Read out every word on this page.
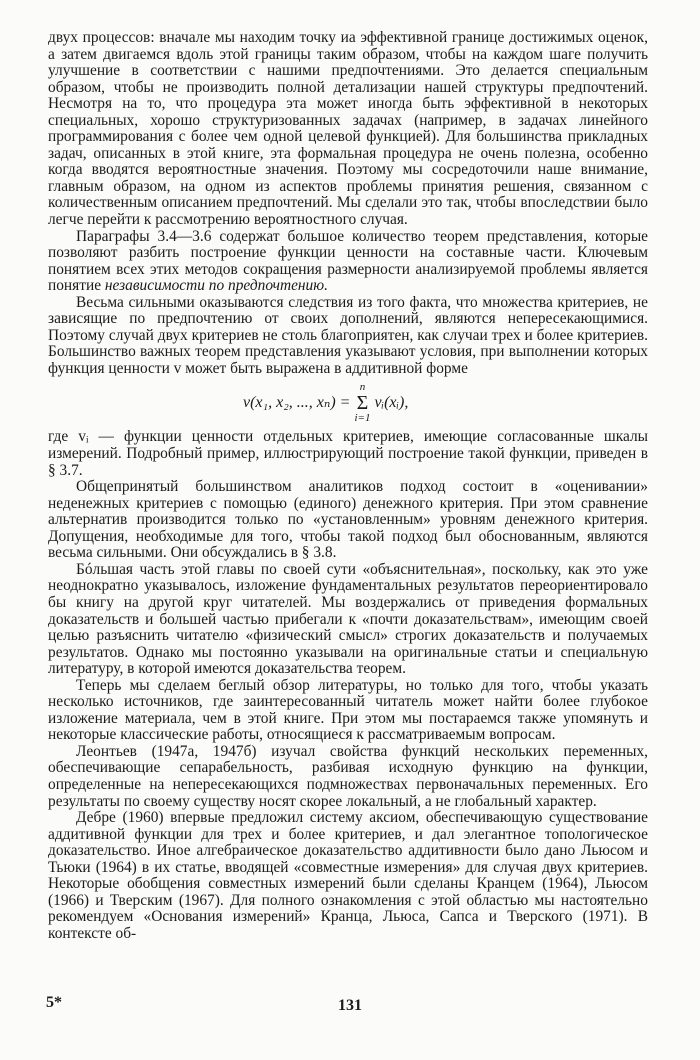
двух процессов: вначале мы находим точку иа эффективной границе достижимых оценок, а затем двигаемся вдоль этой границы таким образом, чтобы на каждом шаге получить улучшение в соответствии с нашими предпочтениями. Это делается специальным образом, чтобы не производить полной детализации нашей структуры предпочтений. Несмотря на то, что процедура эта может иногда быть эффективной в некоторых специальных, хорошо структуризованных задачах (например, в задачах линейного программирования с более чем одной целевой функцией). Для большинства прикладных задач, описанных в этой книге, эта формальная процедура не очень полезна, особенно когда вводятся вероятностные значения. Поэтому мы сосредоточили наше внимание, главным образом, на одном из аспектов проблемы принятия решения, связанном с количественным описанием предпочтений. Мы сделали это так, чтобы впоследствии было легче перейти к рассмотрению вероятностного случая.

Параграфы 3.4—3.6 содержат большое количество теорем представления, которые позволяют разбить построение функции ценности на составные части. Ключевым понятием всех этих методов сокращения размерности анализируемой проблемы является понятие независимости по предпочтению.

Весьма сильными оказываются следствия из того факта, что множества критериев, не зависящие по предпочтению от своих дополнений, являются непересекающимися. Поэтому случай двух критериев не столь благоприятен, как случаи трех и более критериев. Большинство важных теорем представления указывают условия, при выполнении которых функция ценности v может быть выражена в аддитивной форме

v(x₁, x₂, ..., xₙ) =
n
Σ
i=1
vᵢ(xᵢ),

где vᵢ — функции ценности отдельных критериев, имеющие согласованные шкалы измерений. Подробный пример, иллюстрирующий построение такой функции, приведен в § 3.7.

Общепринятый большинством аналитиков подход состоит в «оценивании» неденежных критериев с помощью (единого) денежного критерия. При этом сравнение альтернатив производится только по «установленным» уровням денежного критерия. Допущения, необходимые для того, чтобы такой подход был обоснованным, являются весьма сильными. Они обсуждались в § 3.8.

Бóльшая часть этой главы по своей сути «объяснительная», поскольку, как это уже неоднократно указывалось, изложение фундаментальных результатов переориентировало бы книгу на другой круг читателей. Мы воздержались от приведения формальных доказательств и большей частью прибегали к «почти доказательствам», имеющим своей целью разъяснить читателю «физический смысл» строгих доказательств и получаемых результатов. Однако мы постоянно указывали на оригинальные статьи и специальную литературу, в которой имеются доказательства теорем.

Теперь мы сделаем беглый обзор литературы, но только для того, чтобы указать несколько источников, где заинтересованный читатель может найти более глубокое изложение материала, чем в этой книге. При этом мы постараемся также упомянуть и некоторые классические работы, относящиеся к рассматриваемым вопросам.

Леонтьев (1947а, 1947б) изучал свойства функций нескольких переменных, обеспечивающие сепарабельность, разбивая исходную функцию на функции, определенные на непересекающихся подмножествах первоначальных переменных. Его результаты по своему существу носят скорее локальный, а не глобальный характер.

Дебре (1960) впервые предложил систему аксиом, обеспечивающую существование аддитивной функции для трех и более критериев, и дал элегантное топологическое доказательство. Иное алгебраическое доказательство аддитивности было дано Льюсом и Тьюки (1964) в их статье, вводящей «совместные измерения» для случая двух критериев. Некоторые обобщения совместных измерений были сделаны Кранцем (1964), Льюсом (1966) и Тверским (1967). Для полного ознакомления с этой областью мы настоятельно рекомендуем «Основания измерений» Кранца, Льюса, Сапса и Тверского (1971). В контексте об-

5*	131
